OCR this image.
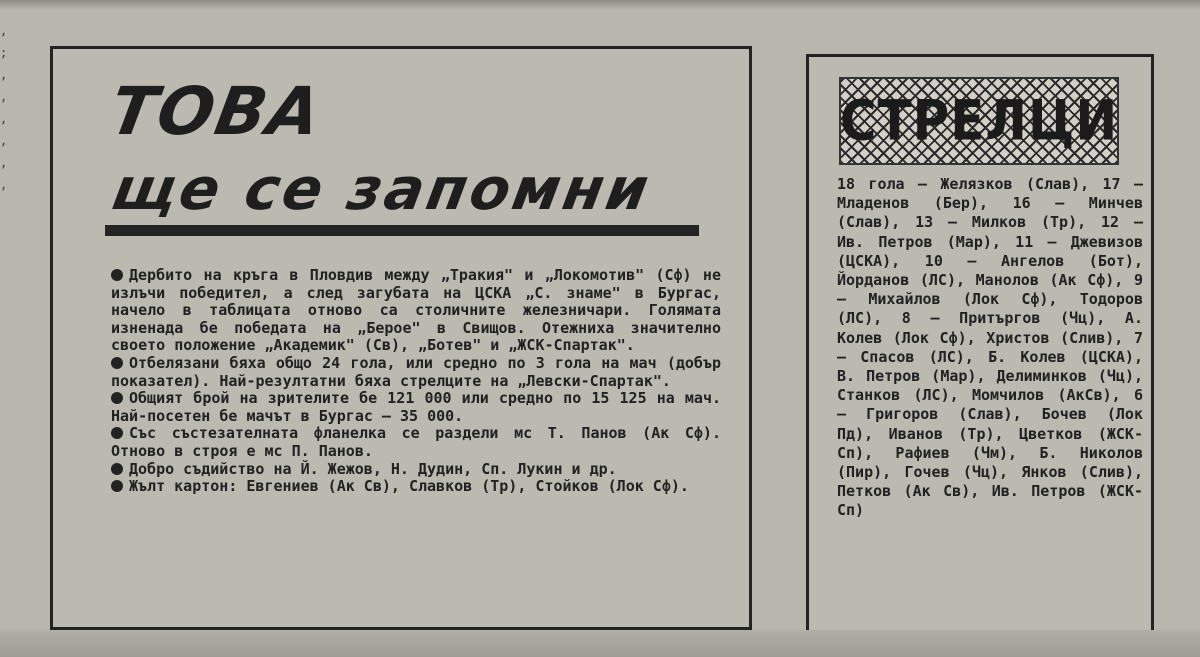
,
;
,
,
,
,
,
,
ТОВА
ще се запомни

Дербито на кръга в Пловдив между „Тракия" и „Локомотив" (Сф) не излъчи победител, а след загубата на ЦСКА „С. знаме" в Бургас, начело в таблицата отново са столичните железничари. Голямата изненада бе победата на „Берое" в Свищов. Отежниха значително своето положение „Академик" (Св), „Ботев" и „ЖСК-Спартак".

Отбелязани бяха общо 24 гола, или средно по 3 гола на мач (добър показател). Най-резултатни бяха стрелците на „Левски-Спартак".

Общият брой на зрителите бе 121 000 или средно по 15 125 на мач. Най-посетен бе мачът в Бургас — 35 000.

Със състезателната фланелка се раздели мс Т. Панов (Ак Сф). Отново в строя е мс П. Панов.

Добро съдийство на Й. Жежов, Н. Дудин, Сп. Лукин и др.

Жълт картон: Евгениев (Ак Св), Славков (Тр), Стойков (Лок Сф).

СТРЕЛЦИ

18 гола — Желязков (Слав), 17 — Младенов (Бер), 16 — Минчев (Слав), 13 — Милков (Тр), 12 — Ив. Петров (Мар), 11 — Джевизов (ЦСКА), 10 — Ангелов (Бот), Йорданов (ЛС), Манолов (Ак Сф), 9 — Михайлов (Лок Сф), Тодоров (ЛС), 8 — Притъргов (Чц), А. Колев (Лок Сф), Христов (Слив), 7 — Спасов (ЛС), Б. Колев (ЦСКА), В. Петров (Мар), Делиминков (Чц), Станков (ЛС), Момчилов (АкСв), 6 — Григоров (Слав), Бочев (Лок Пд), Иванов (Тр), Цветков (ЖСК-Сп), Рафиев (Чм), Б. Николов (Пир), Гочев (Чц), Янков (Слив), Петков (Ак Св), Ив. Петров (ЖСК-Сп)
